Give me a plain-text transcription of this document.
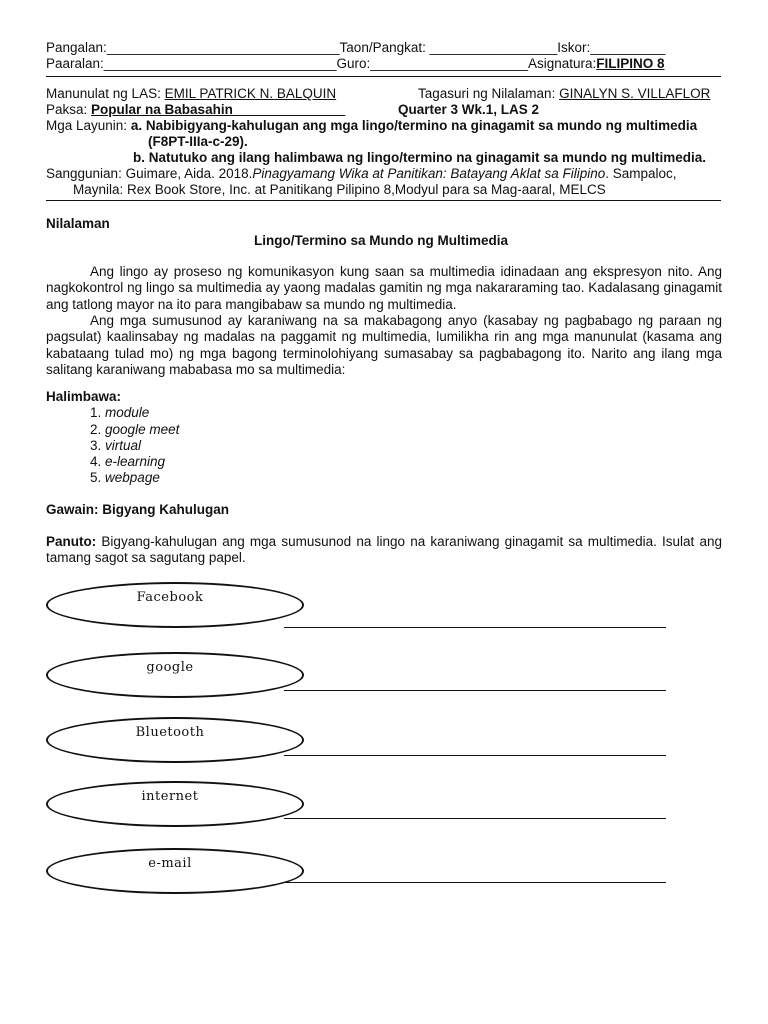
Pangalan:_______________________________Taon/Pangkat: _________________Iskor:__________
Paaralan:_______________________________Guro:_____________________Asignatura:FILIPINO 8
Manunulat ng LAS: EMIL PATRICK N. BALQUIN	Tagasuri ng Nilalaman: GINALYN S. VILLAFLOR
Paksa: Popular na Babasahin	Quarter 3 Wk.1, LAS 2
Mga Layunin: a. Nabibigyang-kahulugan ang mga lingo/termino na ginagamit sa mundo ng multimedia
(F8PT-IIIa-c-29).
b. Natutuko ang ilang halimbawa ng lingo/termino na ginagamit sa mundo ng multimedia.
Sanggunian: Guimare, Aida. 2018.Pinagyamang Wika at Panitikan: Batayang Aklat sa Filipino. Sampaloc,
Maynila: Rex Book Store, Inc. at Panitikang Pilipino 8,Modyul para sa Mag-aaral, MELCS
Nilalaman
Lingo/Termino sa Mundo ng Multimedia
Ang lingo ay proseso ng komunikasyon kung saan sa multimedia idinadaan ang ekspresyon nito. Ang nagkokontrol ng lingo sa multimedia ay yaong madalas gamitin ng mga nakararaming tao. Kadalasang ginagamit ang tatlong mayor na ito para mangibabaw sa mundo ng multimedia.
Ang mga sumusunod ay karaniwang na sa makabagong anyo (kasabay ng pagbabago ng paraan ng pagsulat) kaalinsabay ng madalas na paggamit ng multimedia, lumilikha rin ang mga manunulat (kasama ang kabataang tulad mo) ng mga bagong terminolohiyang sumasabay sa pagbabagong ito. Narito ang ilang mga salitang karaniwang mababasa mo sa multimedia:
Halimbawa:
1. module
2. google meet
3. virtual
4. e-learning
5. webpage
Gawain: Bigyang Kahulugan
Panuto: Bigyang-kahulugan ang mga sumusunod na lingo na karaniwang ginagamit sa multimedia. Isulat ang tamang sagot sa sagutang papel.
Facebook
google
Bluetooth
internet
e-mail
